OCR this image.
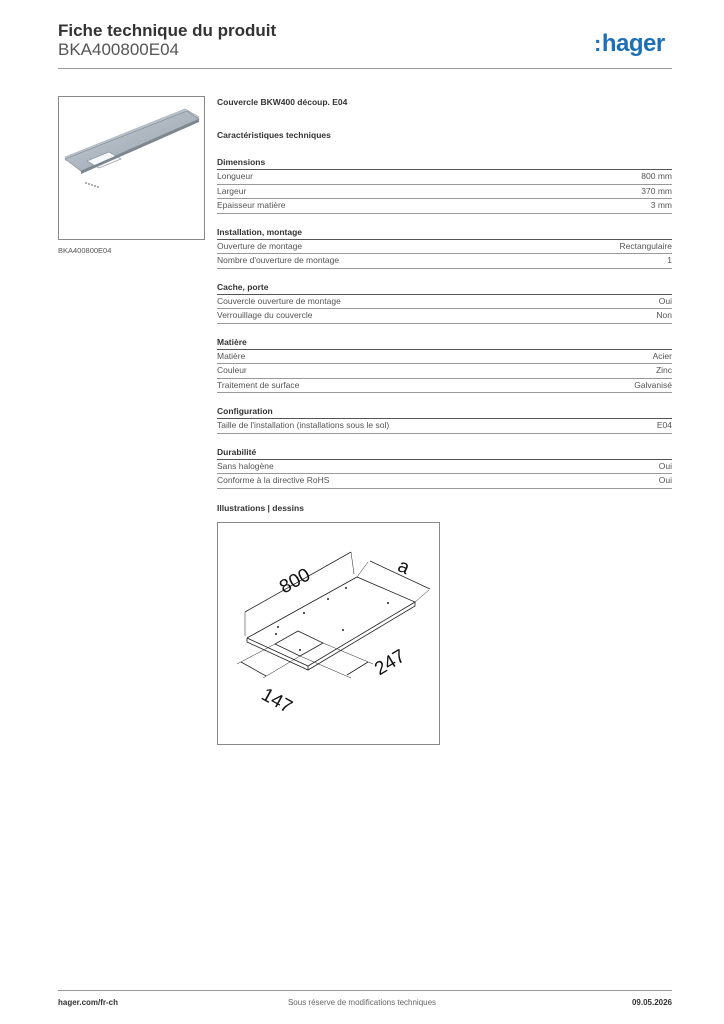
Fiche technique du produit
BKA400800E04	:hager
BKA400800E04
Couvercle BKW400 découp. E04
Caractéristiques techniques
Dimensions
Longueur	800 mm
Largeur	370 mm
Epaisseur matière	3 mm
Installation, montage
Ouverture de montage	Rectangulaire
Nombre d'ouverture de montage	1
Cache, porte
Couvercle ouverture de montage	Oui
Verrouillage du couvercle	Non
Matière
Matière	Acier
Couleur	Zinc
Traitement de surface	Galvanisé
Configuration
Taille de l'installation (installations sous le sol)	E04
Durabilité
Sans halogène	Oui
Conforme à la directive RoHS	Oui
Illustrations | dessins
800	a
247
147
hager.com/fr-ch	Sous réserve de modifications techniques	09.05.2026
